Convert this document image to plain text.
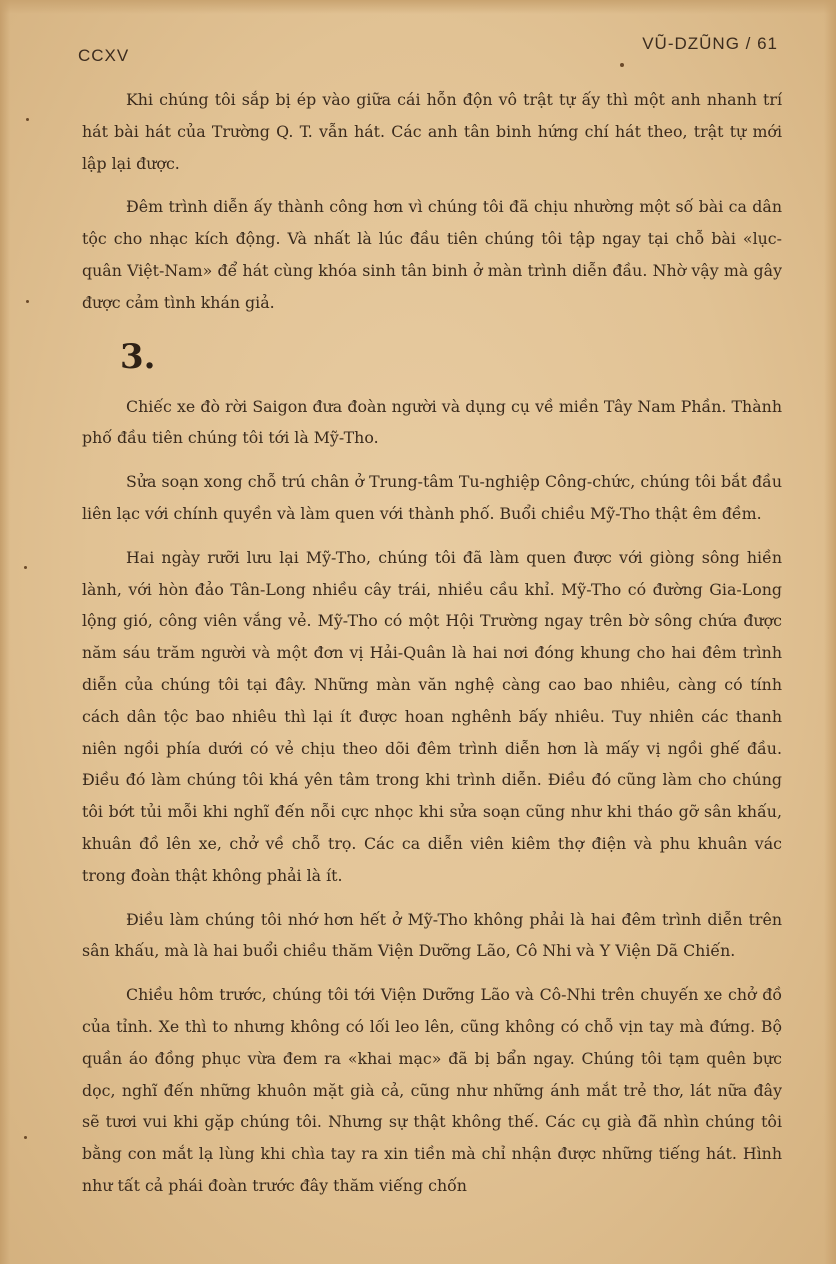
CCXV
VŨ-DZŨNG / 61

Khi chúng tôi sắp bị ép vào giữa cái hỗn độn vô trật tự ấy thì một anh nhanh trí hát bài hát của Trường Q. T. vẫn hát. Các anh tân binh hứng chí hát theo, trật tự mới lập lại được.

Đêm trình diễn ấy thành công hơn vì chúng tôi đã chịu nhường một số bài ca dân tộc cho nhạc kích động. Và nhất là lúc đầu tiên chúng tôi tập ngay tại chỗ bài «lục-quân Việt-Nam» để hát cùng khóa sinh tân binh ở màn trình diễn đầu. Nhờ vậy mà gây được cảm tình khán giả.

3.

Chiếc xe đò rời Saigon đưa đoàn người và dụng cụ về miền Tây Nam Phần. Thành phố đầu tiên chúng tôi tới là Mỹ-Tho.

Sửa soạn xong chỗ trú chân ở Trung-tâm Tu-nghiệp Công-chức, chúng tôi bắt đầu liên lạc với chính quyền và làm quen với thành phố. Buổi chiều Mỹ-Tho thật êm đềm.

Hai ngày rưỡi lưu lại Mỹ-Tho, chúng tôi đã làm quen được với giòng sông hiền lành, với hòn đảo Tân-Long nhiều cây trái, nhiều cầu khỉ. Mỹ-Tho có đường Gia-Long lộng gió, công viên vắng vẻ. Mỹ-Tho có một Hội Trường ngay trên bờ sông chứa được năm sáu trăm người và một đơn vị Hải-Quân là hai nơi đóng khung cho hai đêm trình diễn của chúng tôi tại đây. Những màn văn nghệ càng cao bao nhiêu, càng có tính cách dân tộc bao nhiêu thì lại ít được hoan nghênh bấy nhiêu. Tuy nhiên các thanh niên ngồi phía dưới có vẻ chịu theo dõi đêm trình diễn hơn là mấy vị ngồi ghế đầu. Điều đó làm chúng tôi khá yên tâm trong khi trình diễn. Điều đó cũng làm cho chúng tôi bớt tủi mỗi khi nghĩ đến nỗi cực nhọc khi sửa soạn cũng như khi tháo gỡ sân khấu, khuân đồ lên xe, chở về chỗ trọ. Các ca diễn viên kiêm thợ điện và phu khuân vác trong đoàn thật không phải là ít.

Điều làm chúng tôi nhớ hơn hết ở Mỹ-Tho không phải là hai đêm trình diễn trên sân khấu, mà là hai buổi chiều thăm Viện Dưỡng Lão, Cô Nhi và Y Viện Dã Chiến.

Chiều hôm trước, chúng tôi tới Viện Dưỡng Lão và Cô-Nhi trên chuyến xe chở đồ của tỉnh. Xe thì to nhưng không có lối leo lên, cũng không có chỗ vịn tay mà đứng. Bộ quần áo đồng phục vừa đem ra «khai mạc» đã bị bẩn ngay. Chúng tôi tạm quên bực dọc, nghĩ đến những khuôn mặt già cả, cũng như những ánh mắt trẻ thơ, lát nữa đây sẽ tươi vui khi gặp chúng tôi. Nhưng sự thật không thế. Các cụ già đã nhìn chúng tôi bằng con mắt lạ lùng khi chìa tay ra xin tiền mà chỉ nhận được những tiếng hát. Hình như tất cả phái đoàn trước đây thăm viếng chốn
